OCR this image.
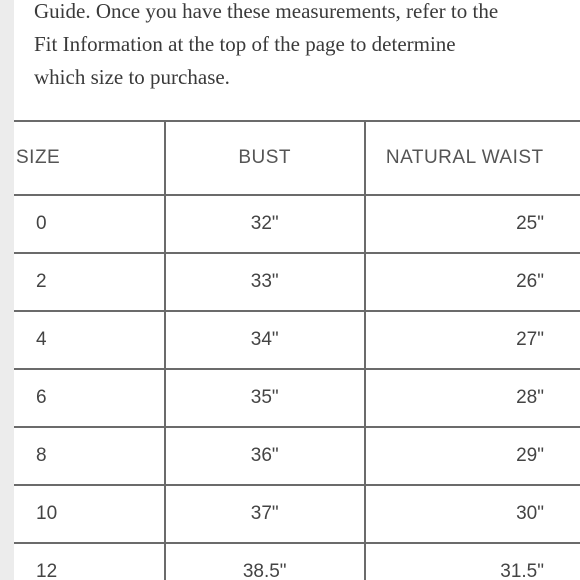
Guide. Once you have these measurements, refer to the
Fit Information at the top of the page to determine
which size to purchase.
SIZE	BUST	NATURAL WAIST
0	32"	25"
2	33"	26"
4	34"	27"
6	35"	28"
8	36"	29"
10	37"	30"
12	38.5"	31.5"
